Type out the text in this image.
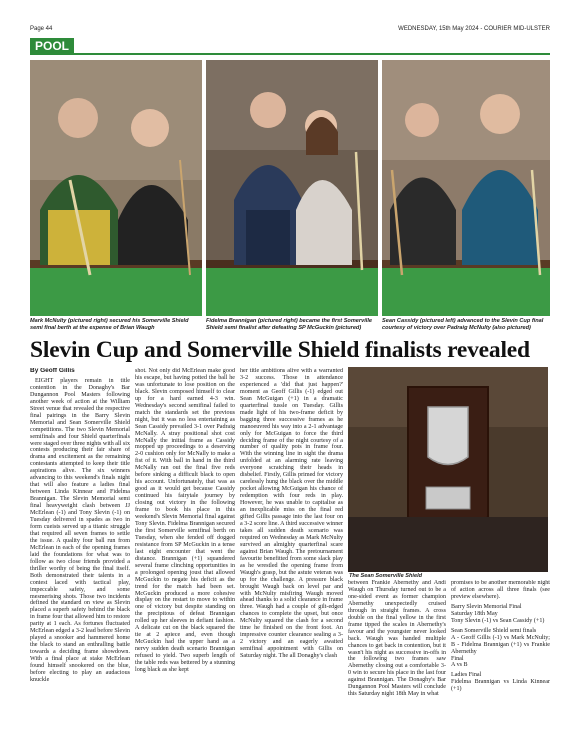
Page 44	WEDNESDAY, 15th May 2024 - COURIER MID-ULSTER
POOL
Mark McNulty (pictured right) secured his Somerville Shield semi final berth at the expense of Brian Waugh
Fidelma Brannigan (pictured right) became the first Somerville Shield semi finalist after defeating SP McGuckin (pictured)
Sean Cassidy (pictured left) advanced to the Slevin Cup final courtesy of victory over Padraig McNulty (also pictured)
Slevin Cup and Somerville Shield finalists revealed

By Geoff Gillis

EIGHT players remain in title contention in the Donaghy's Bar Dungannon Pool Masters following another week of action at the William Street venue that revealed the respective final pairings in the Barry Slevin Memorial and Sean Somerville Shield competitions. The two Slevin Memorial semifinals and four Shield quarterfinals were staged over three nights with all six contests producing their fair share of drama and excitement as the remaining contestants attempted to keep their title aspirations alive. The six winners advancing to this weekend's finals night that will also feature a ladies final between Linda Kinnear and Fidelma Brannigan. The Slevin Memorial semi final heavyweight clash between JJ McErlean (-1) and Tony Slevin (-1) on Tuesday delivered in spades as two in form cueists served up a titanic struggle that required all seven frames to settle the issue. A quality four ball run from McErlean in each of the opening frames laid the foundations for what was to follow as two close friends provided a thriller worthy of being the final itself. Both demonstrated their talents in a contest laced with tactical play, impeccable safety, and some mesmerising shots. Those two incidents defined the standard on view as Slevin placed a superb safety behind the black in frame four that allowed him to restore parity at 1 each. As fortunes fluctuated McErlean edged a 3-2 lead before Slevin played a snooker and hammered home the black to stand an enthralling battle towards a deciding frame showdown. With a final place at stake McErlean found himself snookered on the blue, before electing to play an audacious knuckle

shot. Not only did McErlean make good his escape, but having potted the ball he was unfortunate to lose position on the black. Slevin composed himself to clear up for a hard earned 4-3 win. Wednesday's second semifinal failed to match the standards set the previous night, but it was no less entertaining as Sean Cassidy prevailed 3-1 over Padraig McNally. A stray positional shot cost McNally the initial frame as Cassidy mopped up proceedings to a deserving 2-0 cushion only for McNally to make a fist of it. With ball in hand in the third McNally ran out the final five reds before sinking a difficult black to open his account. Unfortunately, that was as good as it would get because Cassidy continued his fairytale journey by closing out victory in the following frame to book his place in this weekend's Slevin Memorial final against Tony Slevin. Fidelma Brannigan secured the first Somerville semifinal berth on Tuesday, when she fended off dogged resistance from SP McGuckin in a tense last eight encounter that went the distance. Brannigan (+1) squandered several frame clinching opportunities in a prolonged opening joust that allowed McGuckin to negate his deficit as the trend for the match had been set. McGuckin produced a more cohesive display on the restart to move to within one of victory but despite standing on the precipitous of defeat Brannigan rolled up her sleeves in defiant fashion. A delicate cut on the black squared the tie at 2 apiece and, even though McGuckin had the upper hand as a nervy sudden death scenario Brannigan refused to yield. Two superb length of the table reds was bettered by a stunning long black as she kept

her title ambitions alive with a warranted 3-2 success. Those in attendance experienced a 'did that just happen?' moment as Geoff Gillis (-1) edged out Sean McGuigan (+1) in a dramatic quarterfinal tussle on Tuesday. Gillis made light of his two-frame deficit by bagging three successive frames as he manoeuvred his way into a 2-1 advantage only for McGuigan to force the third deciding frame of the night courtesy of a number of quality pots in frame four. With the winning line in sight the drama unfolded at an alarming rate leaving everyone scratching their heads in disbelief. Firstly, Gillis primed for victory carelessly hung the black over the middle pocket allowing McGuigan his chance of redemption with four reds in play. However, he was unable to capitalise as an inexplicable miss on the final red gifted Gillis passage into the last four on a 3-2 score line. A third successive winner takes all sudden death scenario was required on Wednesday as Mark McNulty survived an almighty quarterfinal scare against Brian Waugh. The pretournament favourite benefitted from some slack play as he wrestled the opening frame from Waugh's grasp, but the astute veteran was up for the challenge. A pressure black brought Waugh back on level par and with McNulty misfiring Waugh moved ahead thanks to a solid clearance in frame three. Waugh had a couple of gilt-edged chances to complete the upset, but once McNulty squared the clash for a second time he finished on the front foot. An impressive counter clearance sealing a 3-2 victory and an eagerly awaited semifinal appointment with Gillis on Saturday night. The all Donaghy's clash

The Sean Somerville Shield

between Frankie Abernethy and Andi Waugh on Thursday turned out to be a one-sided event as former champion Abernethy unexpectedly cruised through in straight frames. A cross double on the final yellow in the first frame tipped the scales in Abernethy's favour and the youngster never looked back. Waugh was handed multiple chances to get back in contention, but it wasn't his night as successive in-offs in the following two frames saw Abernethy closing out a comfortable 3-0 win to secure his place in the last four against Brannigan. The Donaghy's Bar Dungannon Pool Masters will conclude this Saturday night 18th May in what

promises to be another memorable night of action across all three finals (see preview elsewhere).

Barry Slevin Memorial Final

Saturday 18th May

Tony Slevin (-1) vs Sean Cassidy (+1)

Sean Somerville Shield semi finals

A - Geoff Gillis (-1) vs Mark McNulty; B - Fidelma Brannigan (+1) vs Frankie Abernethy

Final

A vs B

Ladies Final

Fidelma Brannigan vs Linda Kinnear (+1)
